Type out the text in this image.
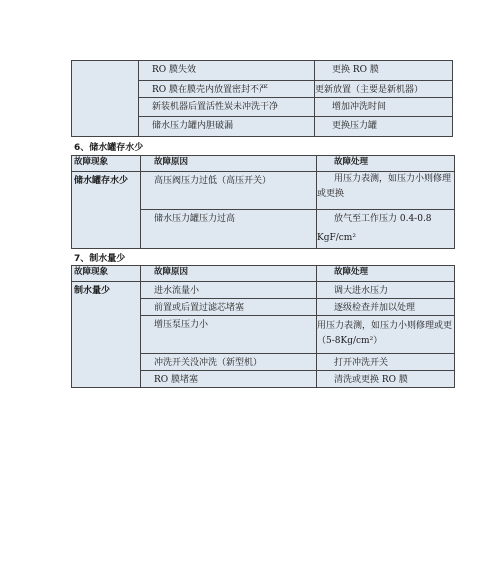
	RO 膜失效	更换 RO 膜
	RO 膜在膜壳内放置密封不严	更新放置（主要是新机器）
	新装机器后置活性炭未冲洗干净	增加冲洗时间
	储水压力罐内胆破漏	更换压力罐
6、储水罐存水少
故障现象	故障原因	故障处理
储水罐存水少	高压阀压力过低（高压开关）	用压力表测，如压力小则修理或更换
	储水压力罐压力过高	放气至工作压力 0.4-0.8 KgF/cm²
7、制水量少
故障现象	故障原因	故障处理
制水量少	进水流量小	调大进水压力
	前置或后置过滤芯堵塞	逐级检查并加以处理
	增压泵压力小	用压力表测，如压力小则修理或更（5-8Kg/cm²）
	冲洗开关没冲洗（新型机）	打开冲洗开关
	RO 膜堵塞	清洗或更换 RO 膜
